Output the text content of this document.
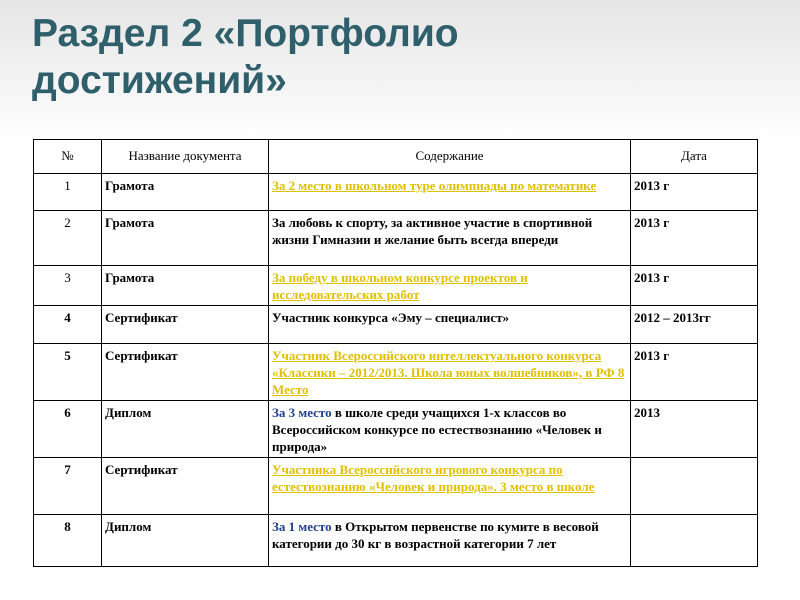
Раздел 2 «Портфолио
достижений»
№	Название документа	Содержание	Дата
1	Грамота	За 2 место в школьном туре олимпиады по математике	2013 г
2	Грамота	За любовь к спорту, за активное участие в спортивной жизни Гимназии и желание быть всегда впереди	2013 г
3	Грамота	За победу в школьном конкурсе проектов и исследовательских работ	2013 г
4	Сертификат	Участник конкурса «Эму – специалист»	2012 – 2013гг
5	Сертификат	Участник Всероссийского интеллектуального конкурса «Классики – 2012/2013. Школа юных волшебников», в РФ 8 Место	2013 г
6	Диплом	За 3 место в школе среди учащихся 1-х классов во Всероссийском конкурсе по естествознанию «Человек и природа»	2013
7	Сертификат	Участника Всероссийского игрового конкурса по естествознанию «Человек и природа». 3 место в школе	
8	Диплом	За 1 место в Открытом первенстве по кумите в весовой категории до 30 кг в возрастной категории 7 лет	
